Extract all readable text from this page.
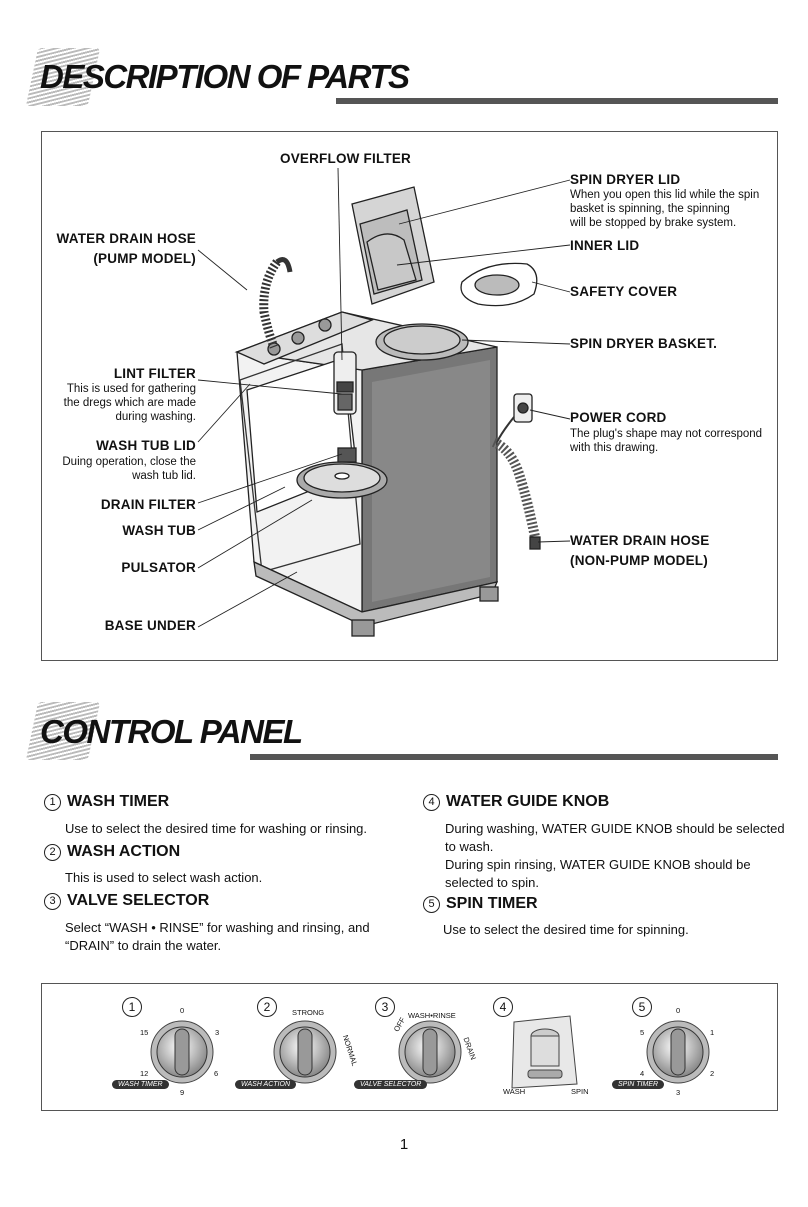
DESCRIPTION OF PARTS
OVERFLOW FILTER
WATER DRAIN HOSE
(PUMP MODEL)
LINT FILTER
This is used for gathering
the dregs which are made
during washing.
WASH TUB LID
Duing operation, close the
wash tub lid.
DRAIN FILTER
WASH TUB
PULSATOR
BASE UNDER
SPIN DRYER LID
When you open this lid while the spin
basket is spinning, the spinning
will be stopped by brake system.
INNER LID
SAFETY COVER
SPIN DRYER BASKET.
POWER CORD
The plug's shape may not correspond
with this drawing.
WATER DRAIN HOSE
(NON-PUMP MODEL)
CONTROL PANEL
1 WASH TIMER
Use to select the desired time for washing or rinsing.
2 WASH ACTION
This is used to select wash action.
3 VALVE SELECTOR
Select “WASH • RINSE” for washing and rinsing, and
“DRAIN” to drain the water.
4 WATER GUIDE KNOB
During washing, WATER GUIDE KNOB should be selected
to wash.
During spin rinsing, WATER GUIDE KNOB should be
selected to spin.
5 SPIN TIMER
Use to select the desired time for spinning.
1	2	3	4	5
0
3
6
9
12
15
WASH TIMER
STRONG
NORMAL
WASH ACTION
OFF
WASH•RINSE
DRAIN
VALVE SELECTOR
WASH	SPIN
0
1
2
3
4
5
SPIN TIMER
1
